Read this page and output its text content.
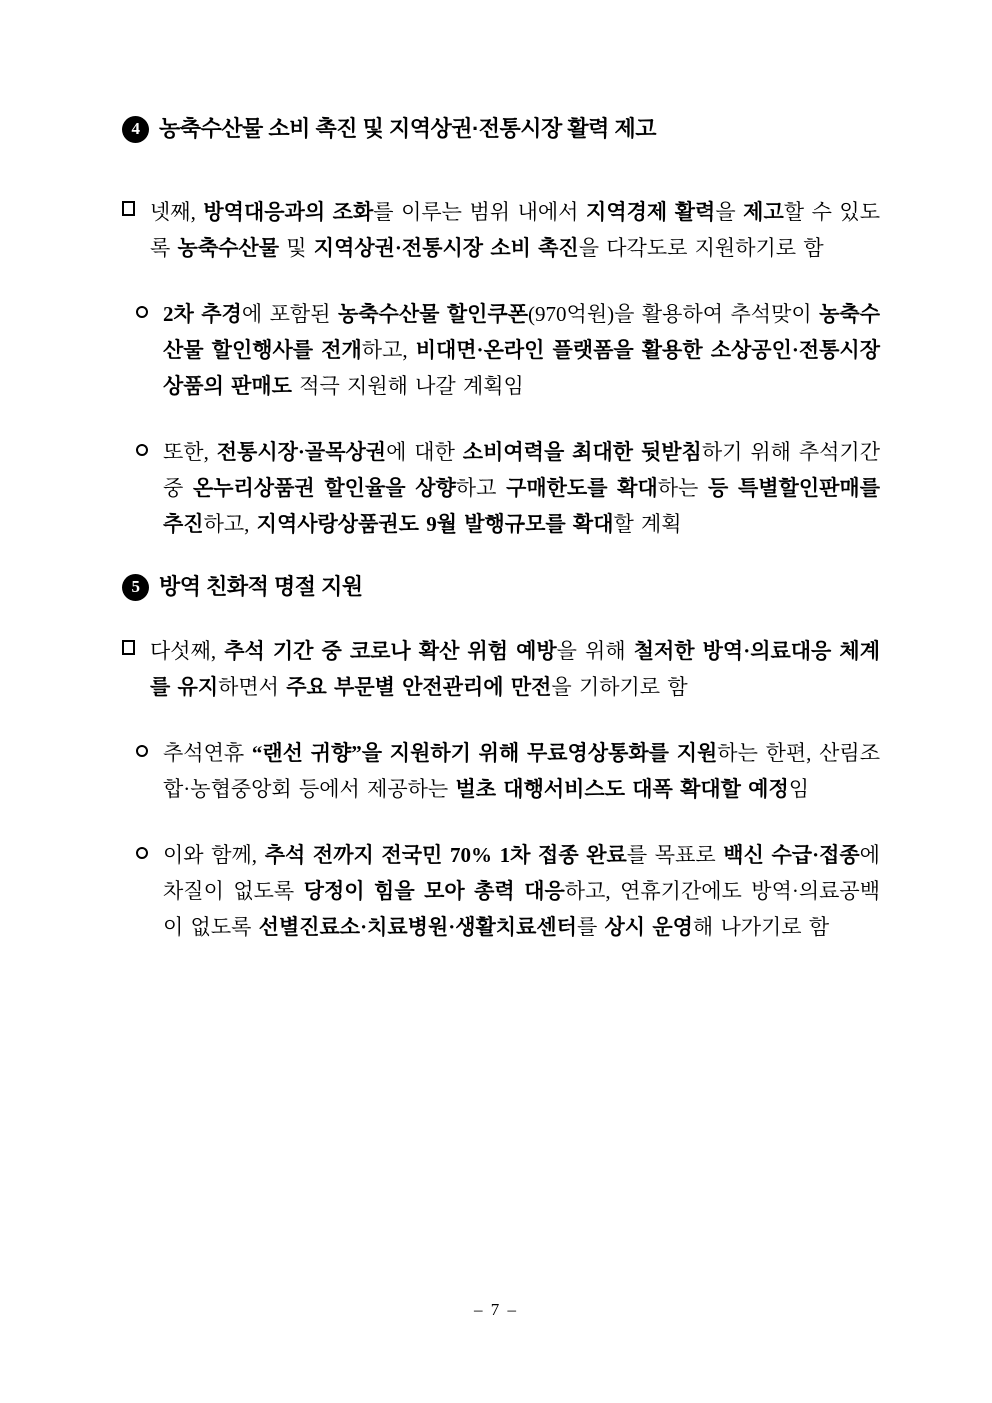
4 농축수산물 소비 촉진 및 지역상권·전통시장 활력 제고
넷째, 방역대응과의 조화를 이루는 범위 내에서 지역경제 활력을 제고할 수 있도록 농축수산물 및 지역상권·전통시장 소비 촉진을 다각도로 지원하기로 함
2차 추경에 포함된 농축수산물 할인쿠폰(970억원)을 활용하여 추석맞이 농축수산물 할인행사를 전개하고, 비대면·온라인 플랫폼을 활용한 소상공인·전통시장 상품의 판매도 적극 지원해 나갈 계획임
또한, 전통시장·골목상권에 대한 소비여력을 최대한 뒷받침하기 위해 추석기간 중 온누리상품권 할인율을 상향하고 구매한도를 확대하는 등 특별할인판매를 추진하고, 지역사랑상품권도 9월 발행규모를 확대할 계획
5 방역 친화적 명절 지원
다섯째, 추석 기간 중 코로나 확산 위험 예방을 위해 철저한 방역·의료대응 체계를 유지하면서 주요 부문별 안전관리에 만전을 기하기로 함
추석연휴 “랜선 귀향”을 지원하기 위해 무료영상통화를 지원하는 한편, 산림조합·농협중앙회 등에서 제공하는 벌초 대행서비스도 대폭 확대할 예정임
이와 함께, 추석 전까지 전국민 70% 1차 접종 완료를 목표로 백신 수급·접종에 차질이 없도록 당정이 힘을 모아 총력 대응하고, 연휴기간에도 방역·의료공백이 없도록 선별진료소·치료병원·생활치료센터를 상시 운영해 나가기로 함
– 7 –
